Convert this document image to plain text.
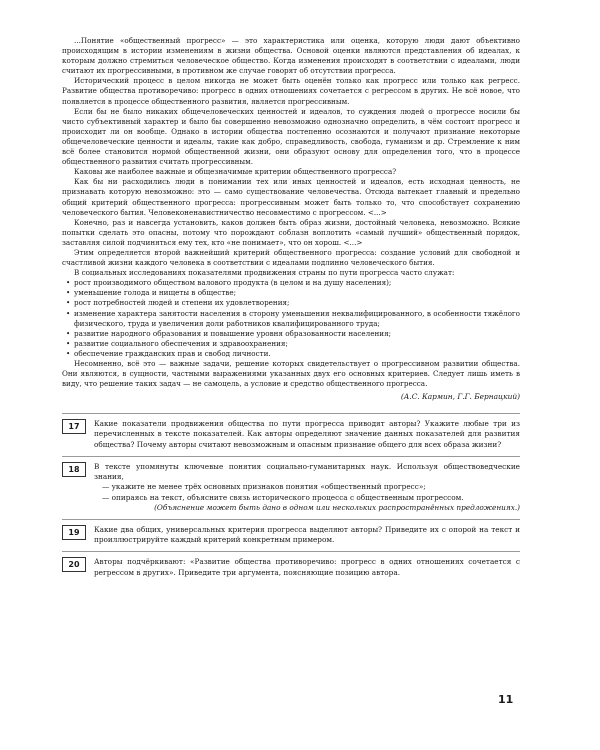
...Понятие «общественный прогресс» — это характеристика или оценка, которую люди дают объективно происходящим в истории изменениям в жизни общества. Основой оценки являются представления об идеалах, к которым должно стремиться человеческое общество. Когда изменения происходят в соответствии с идеалами, люди считают их прогрессивными, в противном же случае говорят об отсутствии прогресса.

Исторический процесс в целом никогда не может быть оценён только как прогресс или только как регресс. Развитие общества противоречиво: прогресс в одних отношениях сочетается с регрессом в других. Не всё новое, что появляется в процессе общественного развития, является прогрессивным.

Если бы не было никаких общечеловеческих ценностей и идеалов, то суждения людей о прогрессе носили бы чисто субъективный характер и было бы совершенно невозможно однозначно определить, в чём состоит прогресс и происходит ли он вообще. Однако в истории общества постепенно осознаются и получают признание некоторые общечеловеческие ценности и идеалы, такие как добро, справедливость, свобода, гуманизм и др. Стремление к ним всё более становится нормой общественной жизни, они образуют основу для определения того, что в процессе общественного развития считать прогрессивным.

Каковы же наиболее важные и общезначимые критерии общественного прогресса?

Как бы ни расходились люди в понимании тех или иных ценностей и идеалов, есть исходная ценность, не признавать которую невозможно: это — само существование человечества. Отсюда вытекает главный и предельно общий критерий общественного прогресса: прогрессивным может быть только то, что способствует сохранению человеческого бытия. Человеконенавистничество несовместимо с прогрессом. <...>

Конечно, раз и навсегда установить, каков должен быть образ жизни, достойный человека, невозможно. Всякие попытки сделать это опасны, потому что порождают соблазн воплотить «самый лучший» общественный порядок, заставляя силой подчиняться ему тех, кто «не понимает», что он хорош. <...>

Этим определяется второй важнейший критерий общественного прогресса: создание условий для свободной и счастливой жизни каждого человека в соответствии с идеалами подлинно человеческого бытия.

В социальных исследованиях показателями продвижения страны по пути прогресса часто служат:

• рост производимого обществом валового продукта (в целом и на душу населения);
• уменьшение голода и нищеты в обществе;
• рост потребностей людей и степени их удовлетворения;
• изменение характера занятости населения в сторону уменьшения неквалифицированного, в особенности тяжёлого физического, труда и увеличения доли работников квалифицированного труда;
• развитие народного образования и повышение уровня образованности населения;
• развитие социального обеспечения и здравоохранения;
• обеспечение гражданских прав и свобод личности.

Несомненно, всё это — важные задачи, решение которых свидетельствует о прогрессивном развитии общества. Они являются, в сущности, частными выражениями указанных двух его основных критериев. Следует лишь иметь в виду, что решение таких задач — не самоцель, а условие и средство общественного прогресса.

(А.С. Кармин, Г.Г. Бернацкий)
17	Какие показатели продвижения общества по пути прогресса приводят авторы? Укажите любые три из перечисленных в тексте показателей. Как авторы определяют значение данных показателей для развития общества? Почему авторы считают невозможным и опасным признание общего для всех образа жизни?

18	В тексте упомянуты ключевые понятия социально-гуманитарных наук. Используя обществоведческие знания,

— укажите не менее трёх основных признаков понятия «общественный прогресс»;

— опираясь на текст, объясните связь исторического процесса с общественным прогрессом.

(Объяснение может быть дано в одном или нескольких распространённых предложениях.)

19	Какие два общих, универсальных критерия прогресса выделяют авторы? Приведите их с опорой на текст и проиллюстрируйте каждый критерий конкретным примером.

20	Авторы подчёркивают: «Развитие общества противоречиво: прогресс в одних отношениях сочетается с регрессом в других». Приведите три аргумента, поясняющие позицию автора.

11
